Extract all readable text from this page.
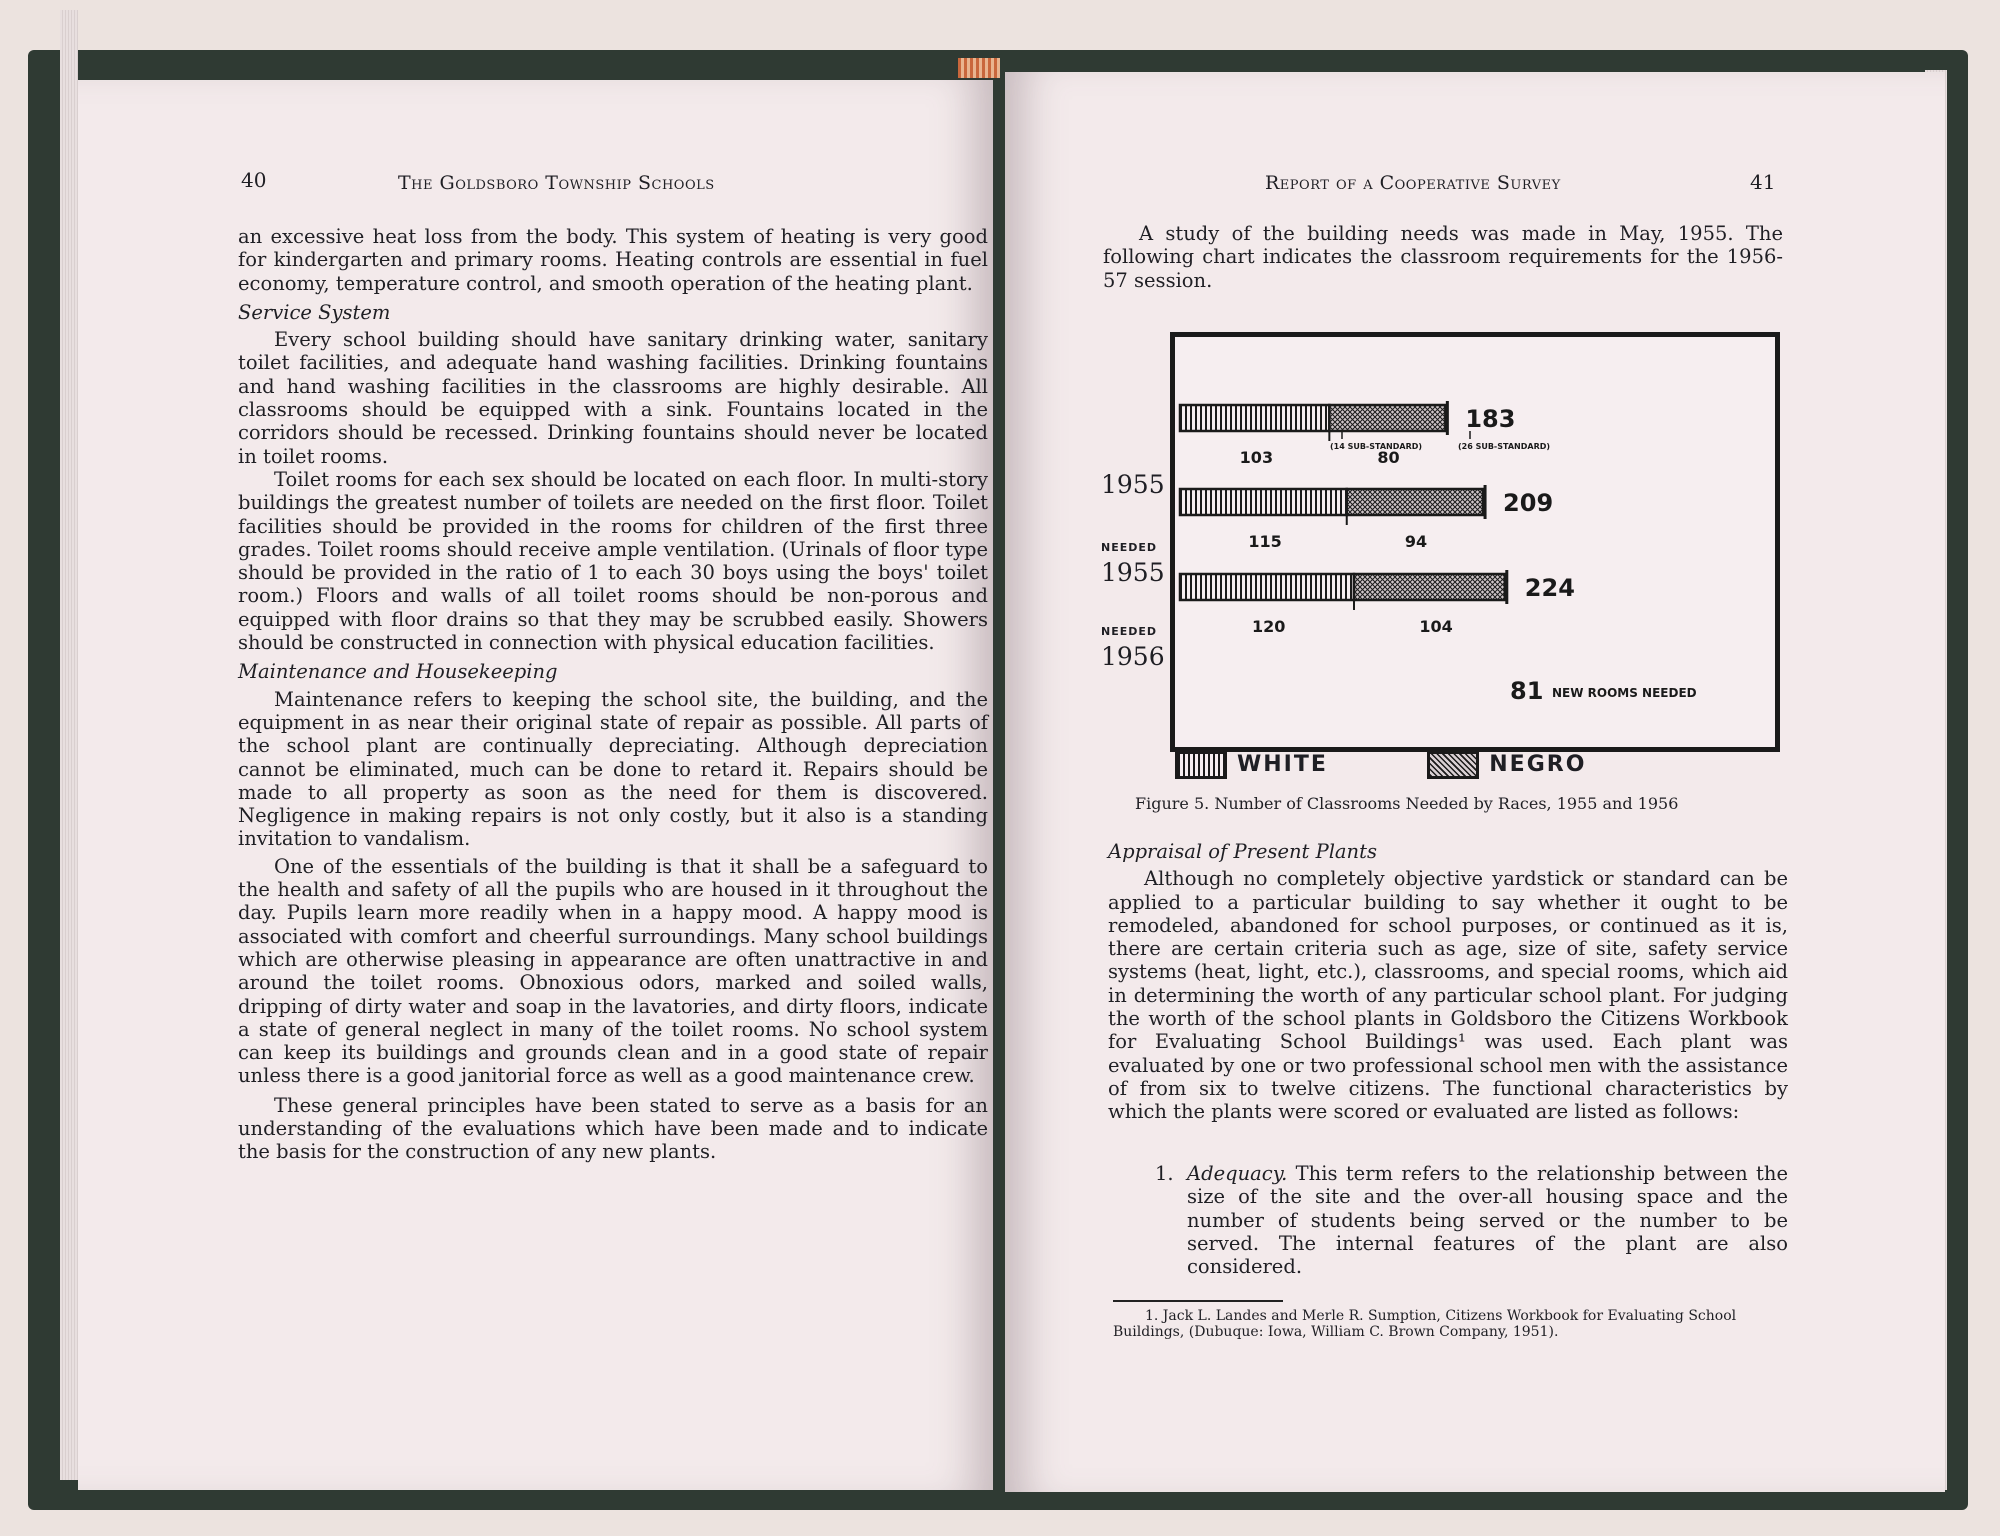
40	The Goldsboro Township Schools

an excessive heat loss from the body. This system of heating is very good for kindergarten and primary rooms. Heating controls are essential in fuel economy, temperature control, and smooth operation of the heating plant.

Service System

Every school building should have sanitary drinking water, sanitary toilet facilities, and adequate hand washing facilities. Drinking fountains and hand washing facilities in the classrooms are highly desirable. All classrooms should be equipped with a sink. Fountains located in the corridors should be recessed. Drinking fountains should never be located in toilet rooms.

Toilet rooms for each sex should be located on each floor. In multi-story buildings the greatest number of toilets are needed on the first floor. Toilet facilities should be provided in the rooms for children of the first three grades. Toilet rooms should receive ample ventilation. (Urinals of floor type should be provided in the ratio of 1 to each 30 boys using the boys' toilet room.) Floors and walls of all toilet rooms should be non-porous and equipped with floor drains so that they may be scrubbed easily. Showers should be constructed in connection with physical education facilities.

Maintenance and Housekeeping

Maintenance refers to keeping the school site, the building, and the equipment in as near their original state of repair as possible. All parts of the school plant are continually depreciating. Although depreciation cannot be eliminated, much can be done to retard it. Repairs should be made to all property as soon as the need for them is discovered. Negligence in making repairs is not only costly, but it also is a standing invitation to vandalism.

One of the essentials of the building is that it shall be a safeguard to the health and safety of all the pupils who are housed in it throughout the day. Pupils learn more readily when in a happy mood. A happy mood is associated with comfort and cheerful surroundings. Many school buildings which are otherwise pleasing in appearance are often unattractive in and around the toilet rooms. Obnoxious odors, marked and soiled walls, dripping of dirty water and soap in the lavatories, and dirty floors, indicate a state of general neglect in many of the toilet rooms. No school system can keep its buildings and grounds clean and in a good state of repair unless there is a good janitorial force as well as a good maintenance crew.

These general principles have been stated to serve as a basis for an understanding of the evaluations which have been made and to indicate the basis for the construction of any new plants.

Report of a Cooperative Survey	41

A study of the building needs was made in May, 1955. The following chart indicates the classroom requirements for the 1956-57 session.

183
103	80
209
115	94
224
120	104
(14 SUB-STANDARD)	(26 SUB-STANDARD)
81 NEW ROOMS NEEDED
WHITE	NEGRO
Figure 5. Number of Classrooms Needed by Races, 1955 and 1956

Appraisal of Present Plants

Although no completely objective yardstick or standard can be applied to a particular building to say whether it ought to be remodeled, abandoned for school purposes, or continued as it is, there are certain criteria such as age, size of site, safety service systems (heat, light, etc.), classrooms, and special rooms, which aid in determining the worth of any particular school plant. For judging the worth of the school plants in Goldsboro the Citizens Workbook for Evaluating School Buildings¹ was used. Each plant was evaluated by one or two professional school men with the assistance of from six to twelve citizens. The functional characteristics by which the plants were scored or evaluated are listed as follows:

1. Adequacy. This term refers to the relationship between the size of the site and the over-all housing space and the number of students being served or the number to be served. The internal features of the plant are also considered.
1. Jack L. Landes and Merle R. Sumption, Citizens Workbook for Evaluating School Buildings, (Dubuque: Iowa, William C. Brown Company, 1951).
1955
NEEDED
1955
NEEDED
1956
